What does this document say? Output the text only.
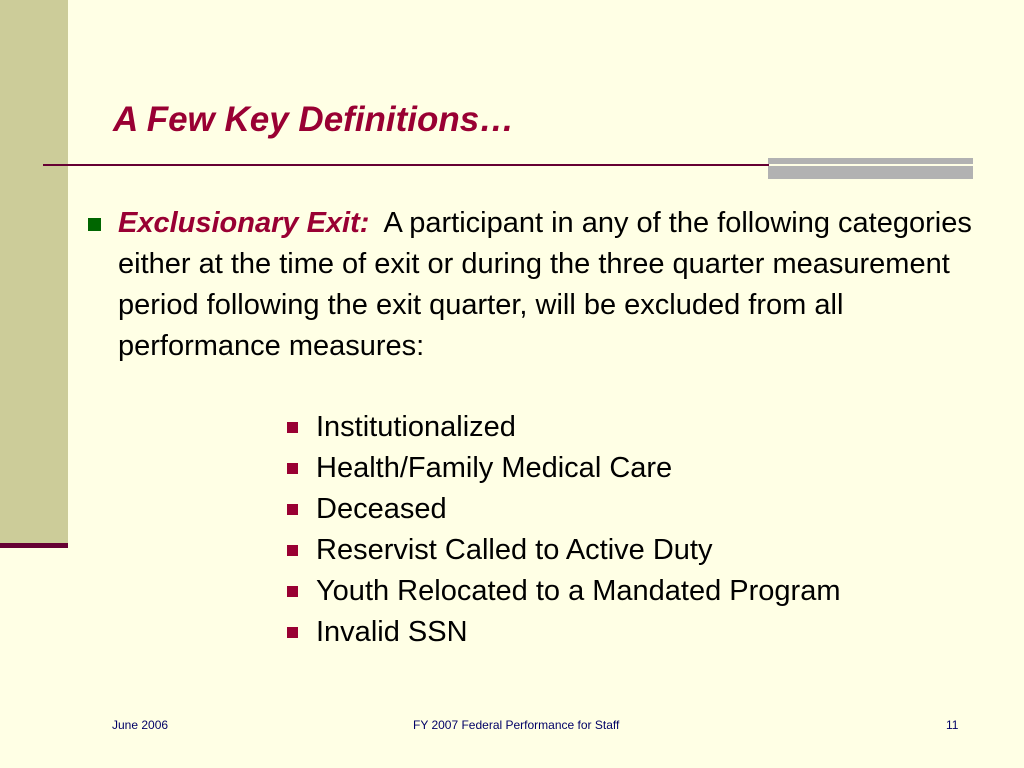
A Few Key Definitions…

Exclusionary Exit: A participant in any of the following categories either at the time of exit or during the three quarter measurement period following the exit quarter, will be excluded from all performance measures:

Institutionalized
Health/Family Medical Care
Deceased
Reservist Called to Active Duty
Youth Relocated to a Mandated Program
Invalid SSN
June 2006	FY 2007 Federal Performance for Staff	11
